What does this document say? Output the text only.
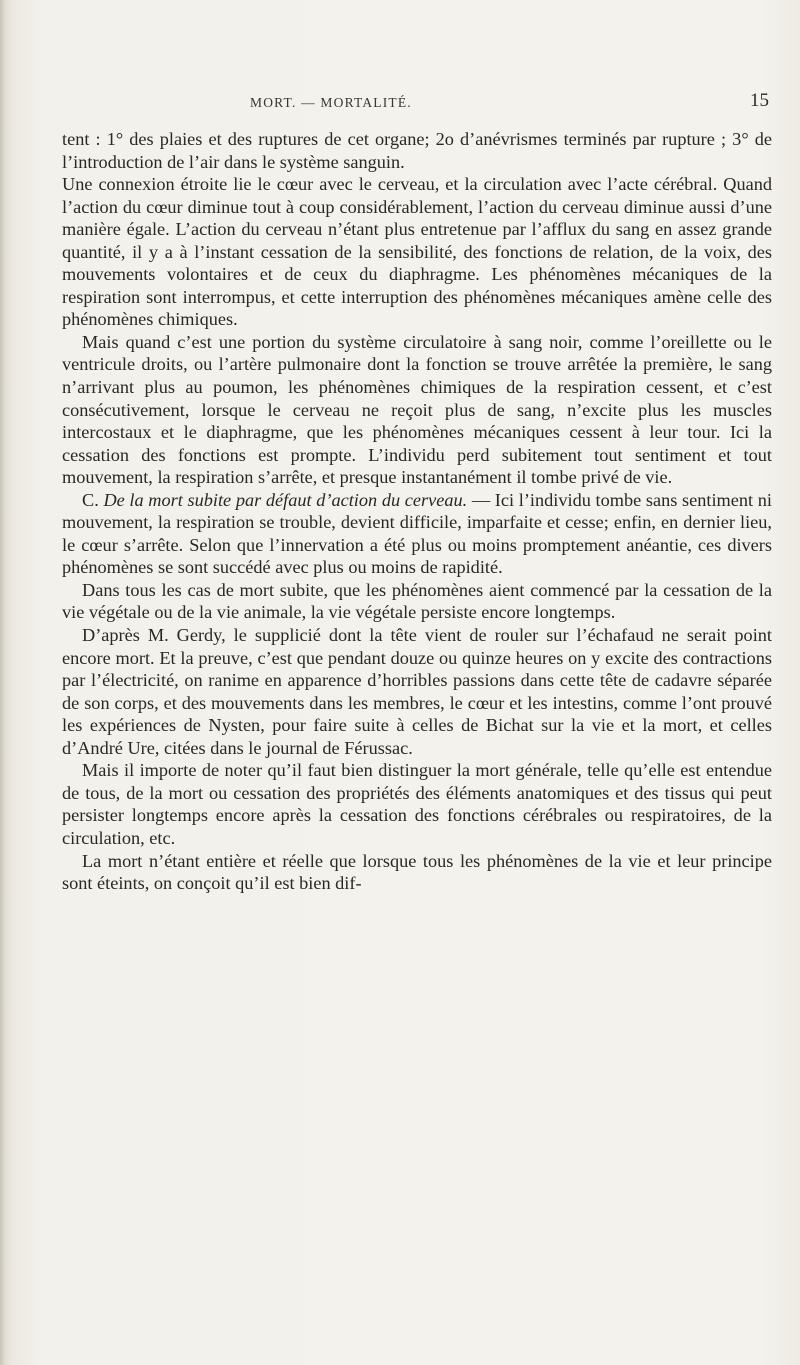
MORT. — MORTALITÉ.	15

tent : 1° des plaies et des ruptures de cet organe; 2o d’anévrismes terminés par rupture ; 3° de l’introduction de l’air dans le système sanguin.

Une connexion étroite lie le cœur avec le cerveau, et la circulation avec l’acte cérébral. Quand l’action du cœur diminue tout à coup considérablement, l’action du cerveau diminue aussi d’une manière égale. L’action du cerveau n’étant plus entretenue par l’afflux du sang en assez grande quantité, il y a à l’instant cessation de la sensibilité, des fonctions de relation, de la voix, des mouvements volontaires et de ceux du diaphragme. Les phénomènes mécaniques de la respiration sont interrompus, et cette interruption des phénomènes mécaniques amène celle des phénomènes chimiques.

Mais quand c’est une portion du système circulatoire à sang noir, comme l’oreillette ou le ventricule droits, ou l’artère pulmonaire dont la fonction se trouve arrêtée la première, le sang n’arrivant plus au poumon, les phénomènes chimiques de la respiration cessent, et c’est consécutivement, lorsque le cerveau ne reçoit plus de sang, n’excite plus les muscles intercostaux et le diaphragme, que les phénomènes mécaniques cessent à leur tour. Ici la cessation des fonctions est prompte. L’individu perd subitement tout sentiment et tout mouvement, la respiration s’arrête, et presque instantanément il tombe privé de vie.

C. De la mort subite par défaut d’action du cerveau. — Ici l’individu tombe sans sentiment ni mouvement, la respiration se trouble, devient difficile, imparfaite et cesse; enfin, en dernier lieu, le cœur s’arrête. Selon que l’innervation a été plus ou moins promptement anéantie, ces divers phénomènes se sont succédé avec plus ou moins de rapidité.

Dans tous les cas de mort subite, que les phénomènes aient commencé par la cessation de la vie végétale ou de la vie animale, la vie végétale persiste encore longtemps.

D’après M. Gerdy, le supplicié dont la tête vient de rouler sur l’échafaud ne serait point encore mort. Et la preuve, c’est que pendant douze ou quinze heures on y excite des contractions par l’électricité, on ranime en apparence d’horribles passions dans cette tête de cadavre séparée de son corps, et des mouvements dans les membres, le cœur et les intestins, comme l’ont prouvé les expériences de Nysten, pour faire suite à celles de Bichat sur la vie et la mort, et celles d’André Ure, citées dans le journal de Férussac.

Mais il importe de noter qu’il faut bien distinguer la mort générale, telle qu’elle est entendue de tous, de la mort ou cessation des propriétés des éléments anatomiques et des tissus qui peut persister longtemps encore après la cessation des fonctions cérébrales ou respiratoires, de la circulation, etc.

La mort n’étant entière et réelle que lorsque tous les phénomènes de la vie et leur principe sont éteints, on conçoit qu’il est bien dif-
